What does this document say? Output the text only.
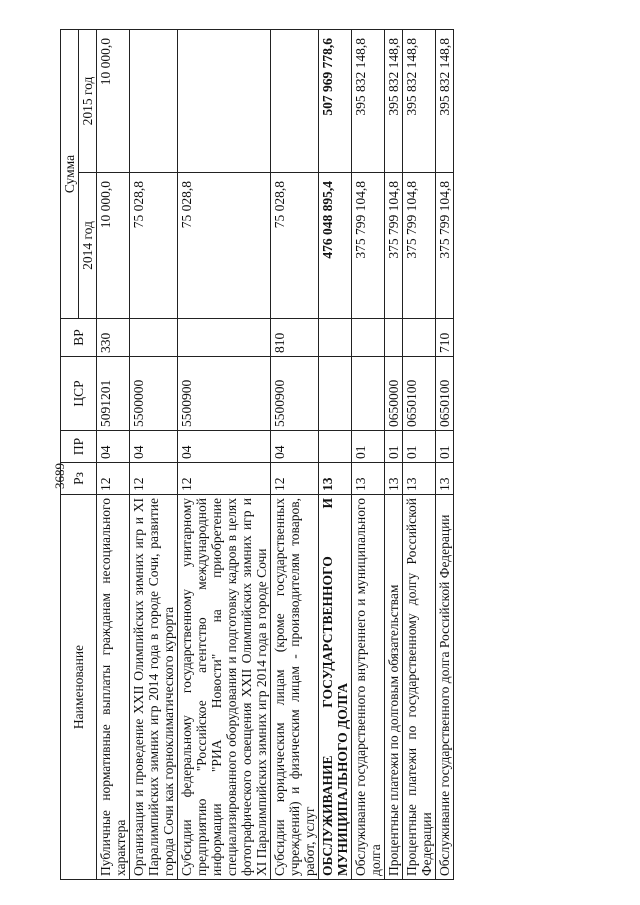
3689
Наименование	Рз	ПР	ЦСР	ВР	Сумма	
					2014 год	2015 год
Публичные нормативные выплаты гражданам несоциального характера	12	04	5091201	330	10 000,0	10 000,0
Организация и проведение XXII Олимпийских зимних игр и XI Паралимпийских зимних игр 2014 года в городе Сочи, развитие города Сочи как горноклиматического курорта	12	04	5500000		75 028,8	
Субсидии федеральному государственному унитарному предприятию "Российское агентство международной информации "РИА Новости" на приобретение специализированного оборудования и подготовку кадров в целях фотографического освещения XXII Олимпийских зимних игр и XI Паралимпийских зимних игр 2014 года в городе Сочи	12	04	5500900		75 028,8	
Субсидии юридическим лицам (кроме государственных учреждений) и физическим лицам - производителям товаров, работ, услуг	12	04	5500900	810	75 028,8	
ОБСЛУЖИВАНИЕ ГОСУДАРСТВЕННОГО И МУНИЦИПАЛЬНОГО ДОЛГА	13				476 048 895,4	507 969 778,6
Обслуживание государственного внутреннего и муниципального долга	13	01			375 799 104,8	395 832 148,8
Процентные платежи по долговым обязательствам	13	01	0650000		375 799 104,8	395 832 148,8
Процентные платежи по государственному долгу Российской Федерации	13	01	0650100		375 799 104,8	395 832 148,8
Обслуживание государственного долга Российской Федерации	13	01	0650100	710	375 799 104,8	395 832 148,8
